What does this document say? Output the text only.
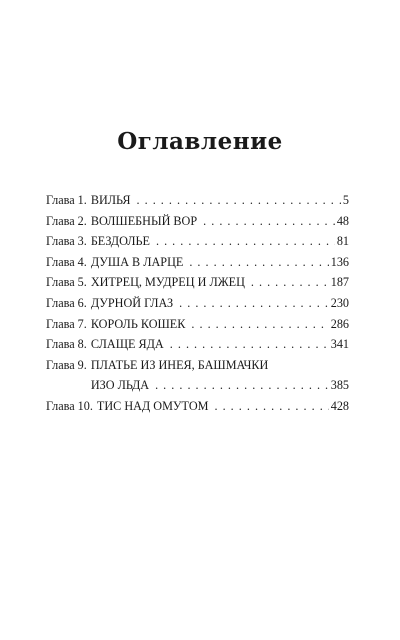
Оглавление
Глава 1. ВИЛЬЯ . . .	5
Глава 2. ВОЛШЕБНЫЙ ВОР . . .	48
Глава 3. БЕЗДОЛЬЕ . . .	81
Глава 4. ДУША В ЛАРЦЕ . . .	136
Глава 5. ХИТРЕЦ, МУДРЕЦ И ЛЖЕЦ . . .	187
Глава 6. ДУРНОЙ ГЛАЗ . . .	230
Глава 7. КОРОЛЬ КОШЕК . . .	286
Глава 8. СЛАЩЕ ЯДА . . .	341
Глава 9. ПЛАТЬЕ ИЗ ИНЕЯ, БАШМАЧКИ
ИЗО ЛЬДА . . .	385
Глава 10. ТИС НАД ОМУТОМ . . .	428
